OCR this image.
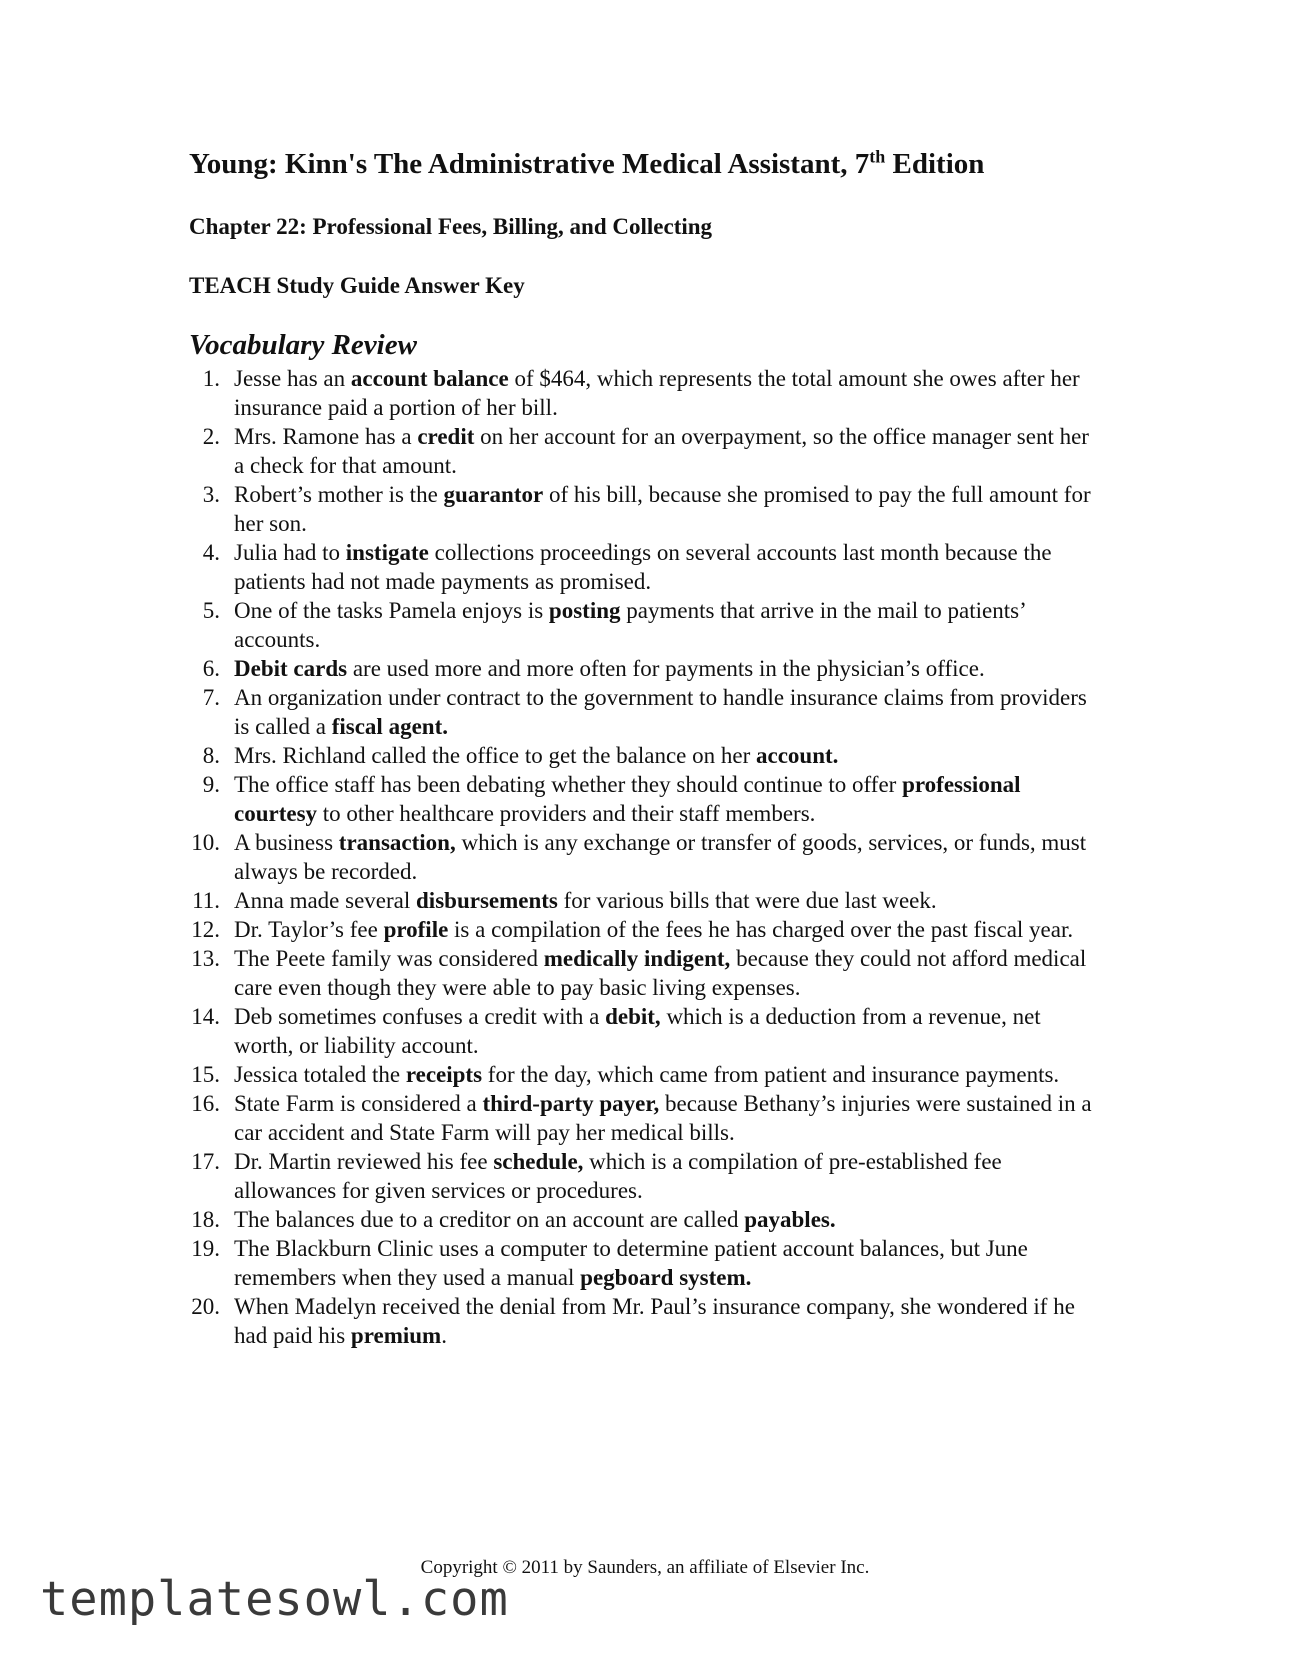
Young: Kinn's The Administrative Medical Assistant, 7th Edition
Chapter 22: Professional Fees, Billing, and Collecting
TEACH Study Guide Answer Key
Vocabulary Review
1. Jesse has an account balance of $464, which represents the total amount she owes after her insurance paid a portion of her bill.
2. Mrs. Ramone has a credit on her account for an overpayment, so the office manager sent her a check for that amount.
3. Robert’s mother is the guarantor of his bill, because she promised to pay the full amount for her son.
4. Julia had to instigate collections proceedings on several accounts last month because the patients had not made payments as promised.
5. One of the tasks Pamela enjoys is posting payments that arrive in the mail to patients’ accounts.
6. Debit cards are used more and more often for payments in the physician’s office.
7. An organization under contract to the government to handle insurance claims from providers is called a fiscal agent.
8. Mrs. Richland called the office to get the balance on her account.
9. The office staff has been debating whether they should continue to offer professional courtesy to other healthcare providers and their staff members.
10. A business transaction, which is any exchange or transfer of goods, services, or funds, must always be recorded.
11. Anna made several disbursements for various bills that were due last week.
12. Dr. Taylor’s fee profile is a compilation of the fees he has charged over the past fiscal year.
13. The Peete family was considered medically indigent, because they could not afford medical care even though they were able to pay basic living expenses.
14. Deb sometimes confuses a credit with a debit, which is a deduction from a revenue, net worth, or liability account.
15. Jessica totaled the receipts for the day, which came from patient and insurance payments.
16. State Farm is considered a third-party payer, because Bethany’s injuries were sustained in a car accident and State Farm will pay her medical bills.
17. Dr. Martin reviewed his fee schedule, which is a compilation of pre-established fee allowances for given services or procedures.
18. The balances due to a creditor on an account are called payables.
19. The Blackburn Clinic uses a computer to determine patient account balances, but June remembers when they used a manual pegboard system.
20. When Madelyn received the denial from Mr. Paul’s insurance company, she wondered if he had paid his premium.

Copyright © 2011 by Saunders, an affiliate of Elsevier Inc.

templatesowl.com
